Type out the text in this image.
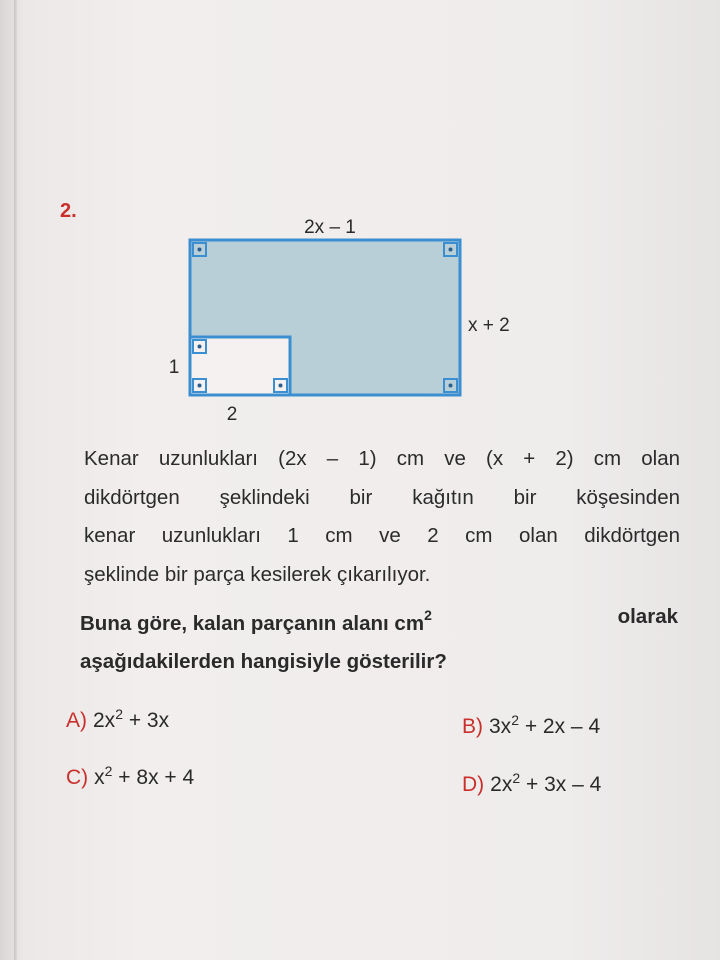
2.
2x – 1
x + 2
1
2
Kenar uzunlukları (2x – 1) cm ve (x + 2) cm olan
dikdörtgen şeklindeki bir kağıtın bir köşesinden
kenar uzunlukları 1 cm ve 2 cm olan dikdörtgen
şeklinde bir parça kesilerek çıkarılıyor.
Buna göre, kalan parçanın alanı $cm^2$	olarak
aşağıdakilerden hangisiyle gösterilir?
A) $2x^2 + 3x$	B) $3x^2 + 2x - 4$
C) $x^2 + 8x + 4$	D) $2x^2 + 3x - 4$
